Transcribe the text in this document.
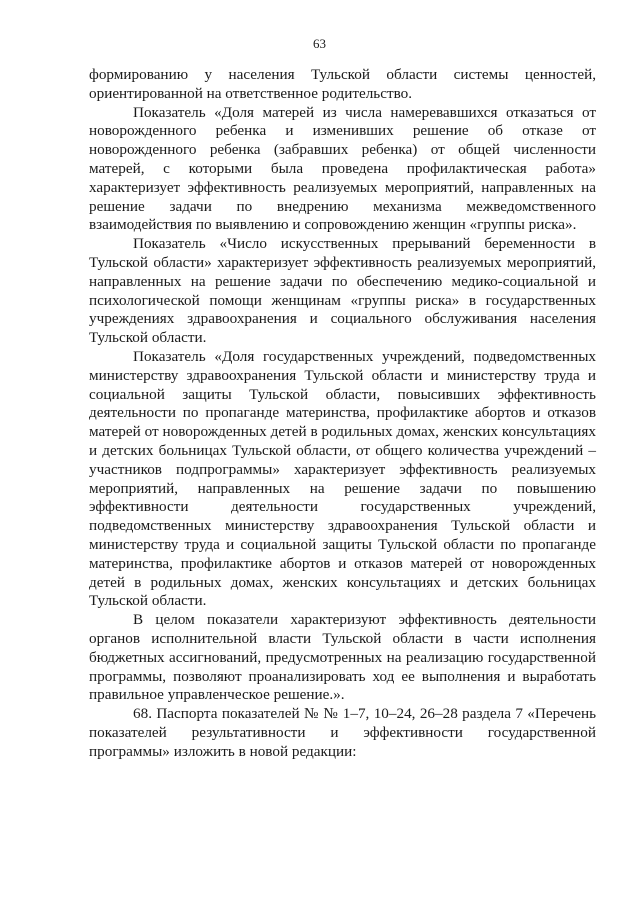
63

формированию у населения Тульской области системы ценностей, ориентированной на ответственное родительство.

Показатель «Доля матерей из числа намеревавшихся отказаться от новорожденного ребенка и изменивших решение об отказе от новорожденного ребенка (забравших ребенка) от общей численности матерей, с которыми была проведена профилактическая работа» характеризует эффективность реализуемых мероприятий, направленных на решение задачи по внедрению механизма межведомственного взаимодействия по выявлению и сопровождению женщин «группы риска».

Показатель «Число искусственных прерываний беременности в Тульской области» характеризует эффективность реализуемых мероприятий, направленных на решение задачи по обеспечению медико-социальной и психологической помощи женщинам «группы риска» в государственных учреждениях здравоохранения и социального обслуживания населения Тульской области.

Показатель «Доля государственных учреждений, подведомственных министерству здравоохранения Тульской области и министерству труда и социальной защиты Тульской области, повысивших эффективность деятельности по пропаганде материнства, профилактике абортов и отказов матерей от новорожденных детей в родильных домах, женских консультациях и детских больницах Тульской области, от общего количества учреждений – участников подпрограммы» характеризует эффективность реализуемых мероприятий, направленных на решение задачи по повышению эффективности деятельности государственных учреждений, подведомственных министерству здравоохранения Тульской области и министерству труда и социальной защиты Тульской области по пропаганде материнства, профилактике абортов и отказов матерей от новорожденных детей в родильных домах, женских консультациях и детских больницах Тульской области.

В целом показатели характеризуют эффективность деятельности органов исполнительной власти Тульской области в части исполнения бюджетных ассигнований, предусмотренных на реализацию государственной программы, позволяют проанализировать ход ее выполнения и выработать правильное управленческое решение.».

68. Паспорта показателей № № 1–7, 10–24, 26–28 раздела 7 «Перечень показателей результативности и эффективности государственной программы» изложить в новой редакции:
